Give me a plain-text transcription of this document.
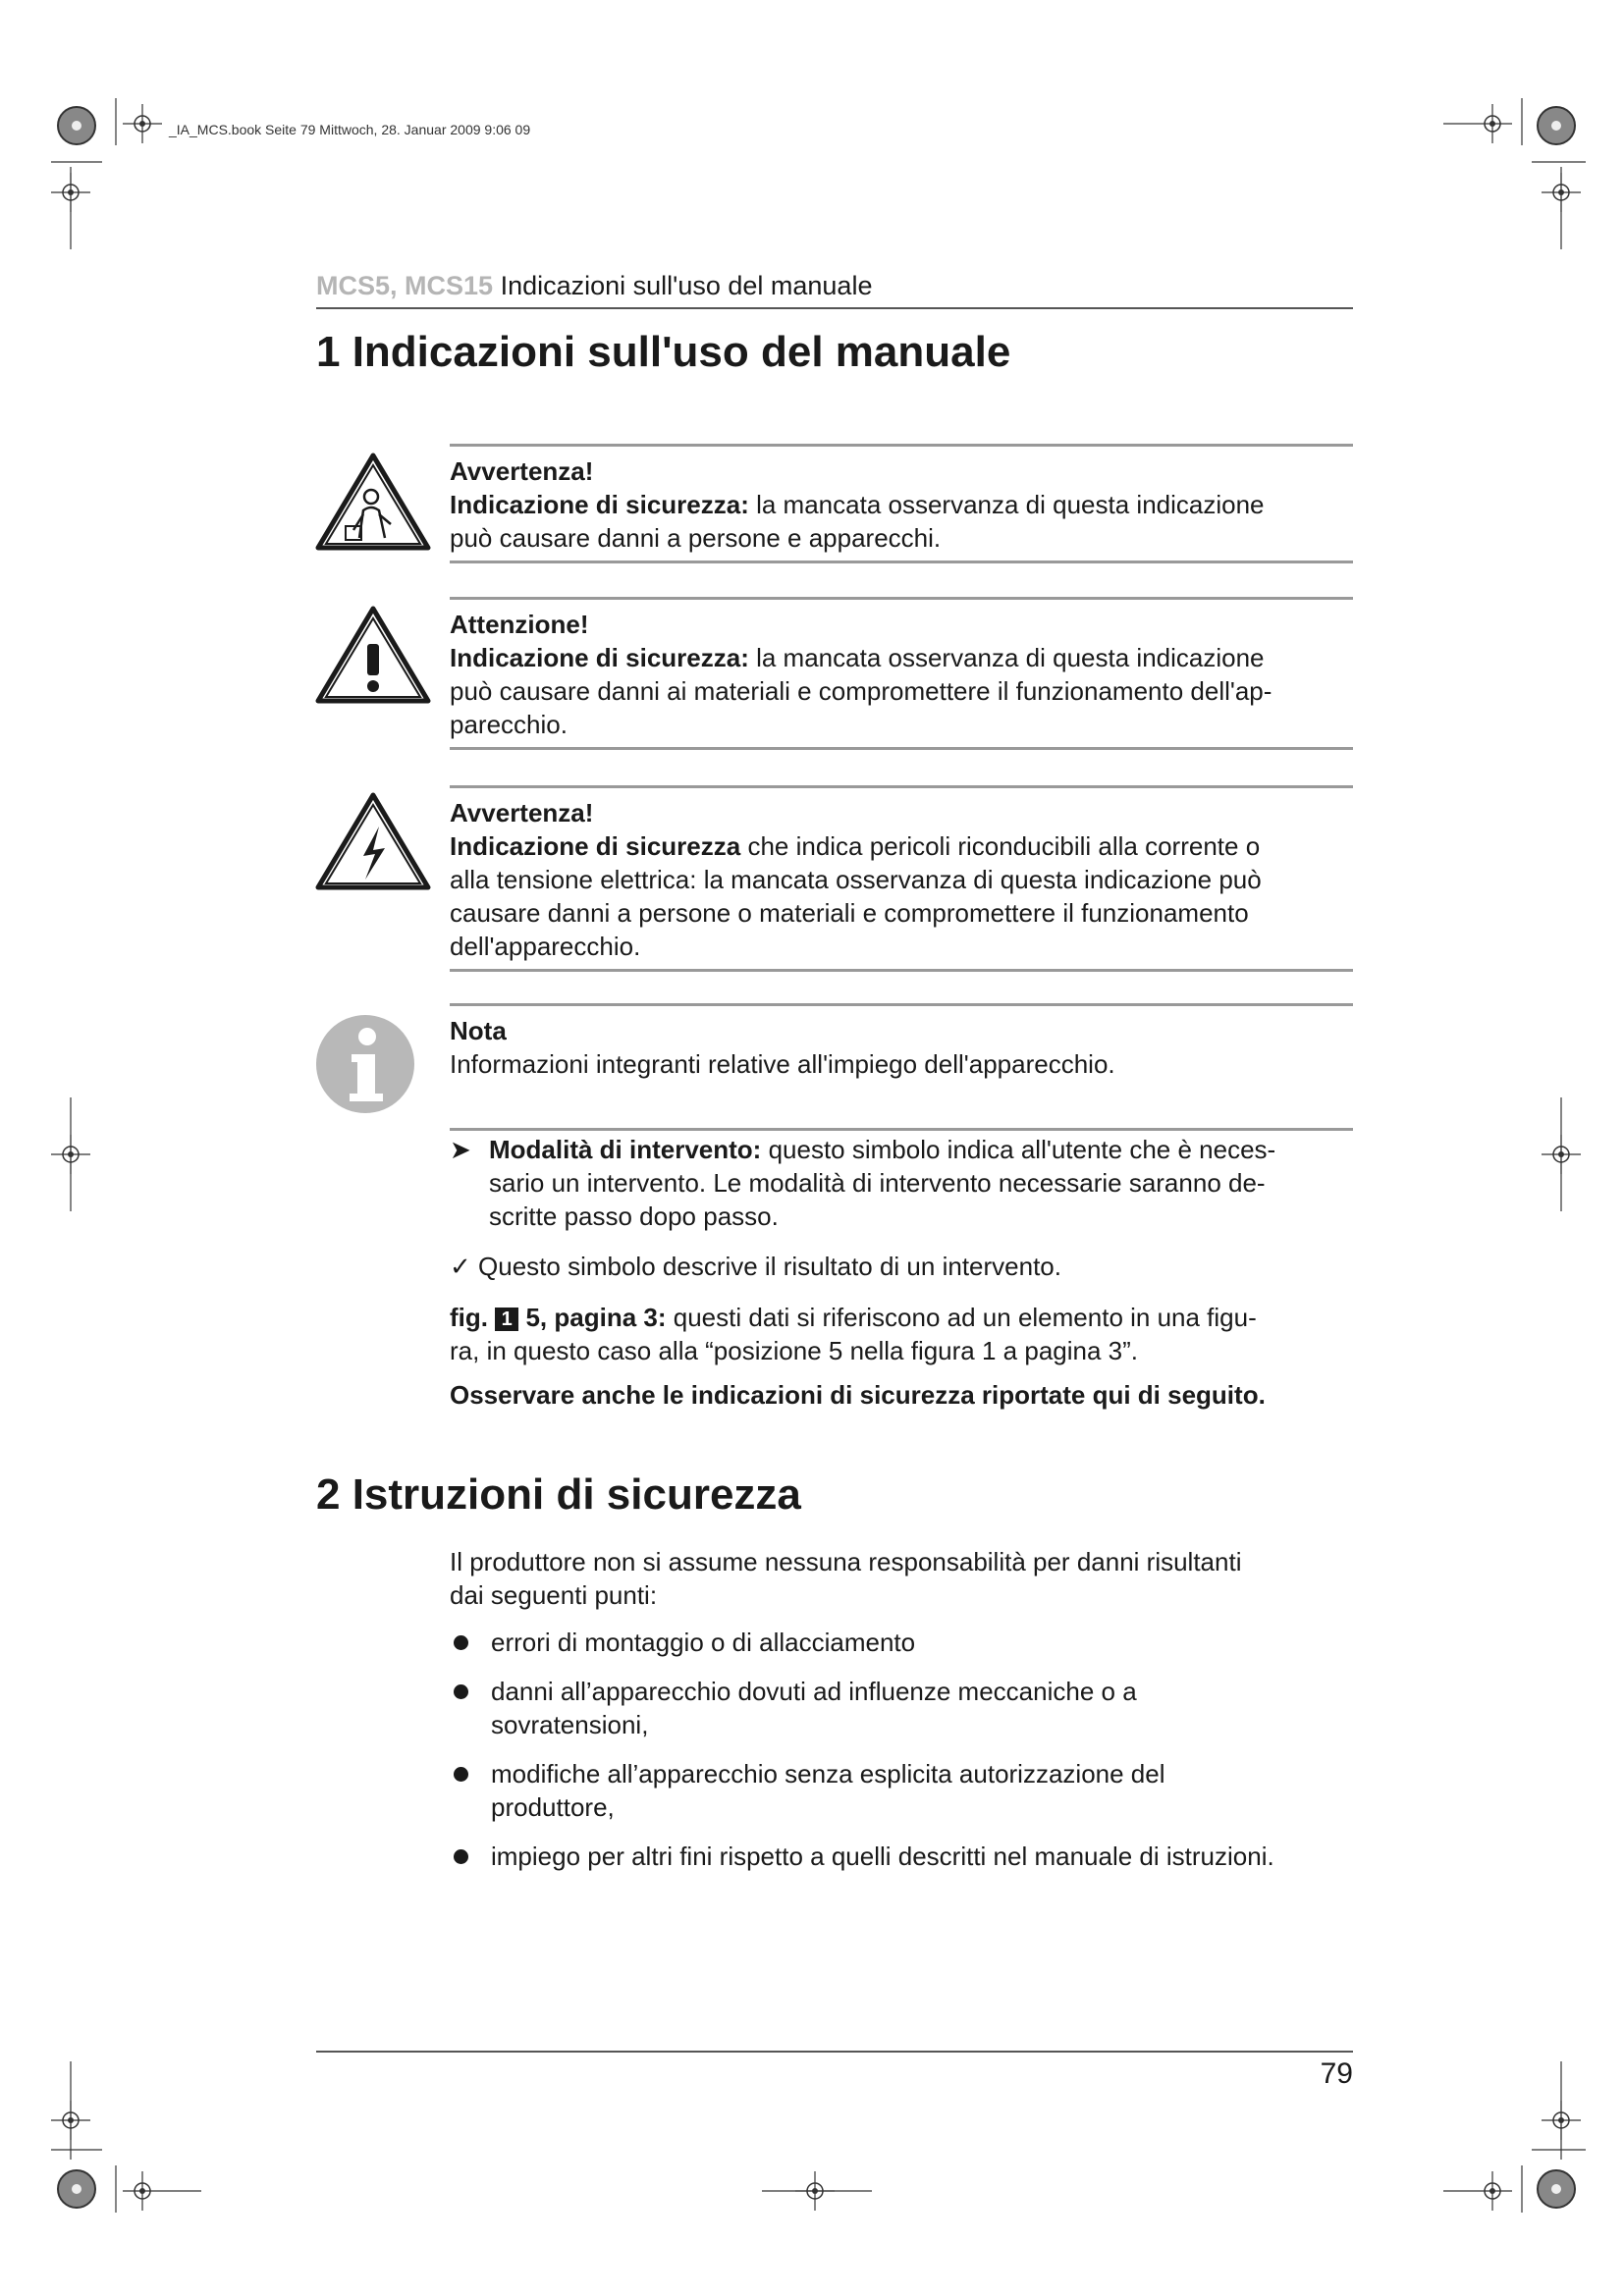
_IA_MCS.book Seite 79 Mittwoch, 28. Januar 2009 9:06 09
MCS5, MCS15 Indicazioni sull'uso del manuale
1 Indicazioni sull'uso del manuale
Avvertenza!
Indicazione di sicurezza: la mancata osservanza di questa indicazione
può causare danni a persone e apparecchi.
Attenzione!
Indicazione di sicurezza: la mancata osservanza di questa indicazione
può causare danni ai materiali e compromettere il funzionamento dell'ap-
parecchio.
Avvertenza!
Indicazione di sicurezza che indica pericoli riconducibili alla corrente o
alla tensione elettrica: la mancata osservanza di questa indicazione può
causare danni a persone o materiali e compromettere il funzionamento
dell'apparecchio.
Nota
Informazioni integranti relative all'impiego dell'apparecchio.
➤ Modalità di intervento: questo simbolo indica all'utente che è neces-
sario un intervento. Le modalità di intervento necessarie saranno de-
scritte passo dopo passo.
✓ Questo simbolo descrive il risultato di un intervento.
fig. 1 5, pagina 3: questi dati si riferiscono ad un elemento in una figu-
ra, in questo caso alla “posizione 5 nella figura 1 a pagina 3”.
Osservare anche le indicazioni di sicurezza riportate qui di seguito.
2 Istruzioni di sicurezza
Il produttore non si assume nessuna responsabilità per danni risultanti
dai seguenti punti:
errori di montaggio o di allacciamento
danni all’apparecchio dovuti ad influenze meccaniche o a
sovratensioni,
modifiche all’apparecchio senza esplicita autorizzazione del
produttore,
impiego per altri fini rispetto a quelli descritti nel manuale di istruzioni.
79
